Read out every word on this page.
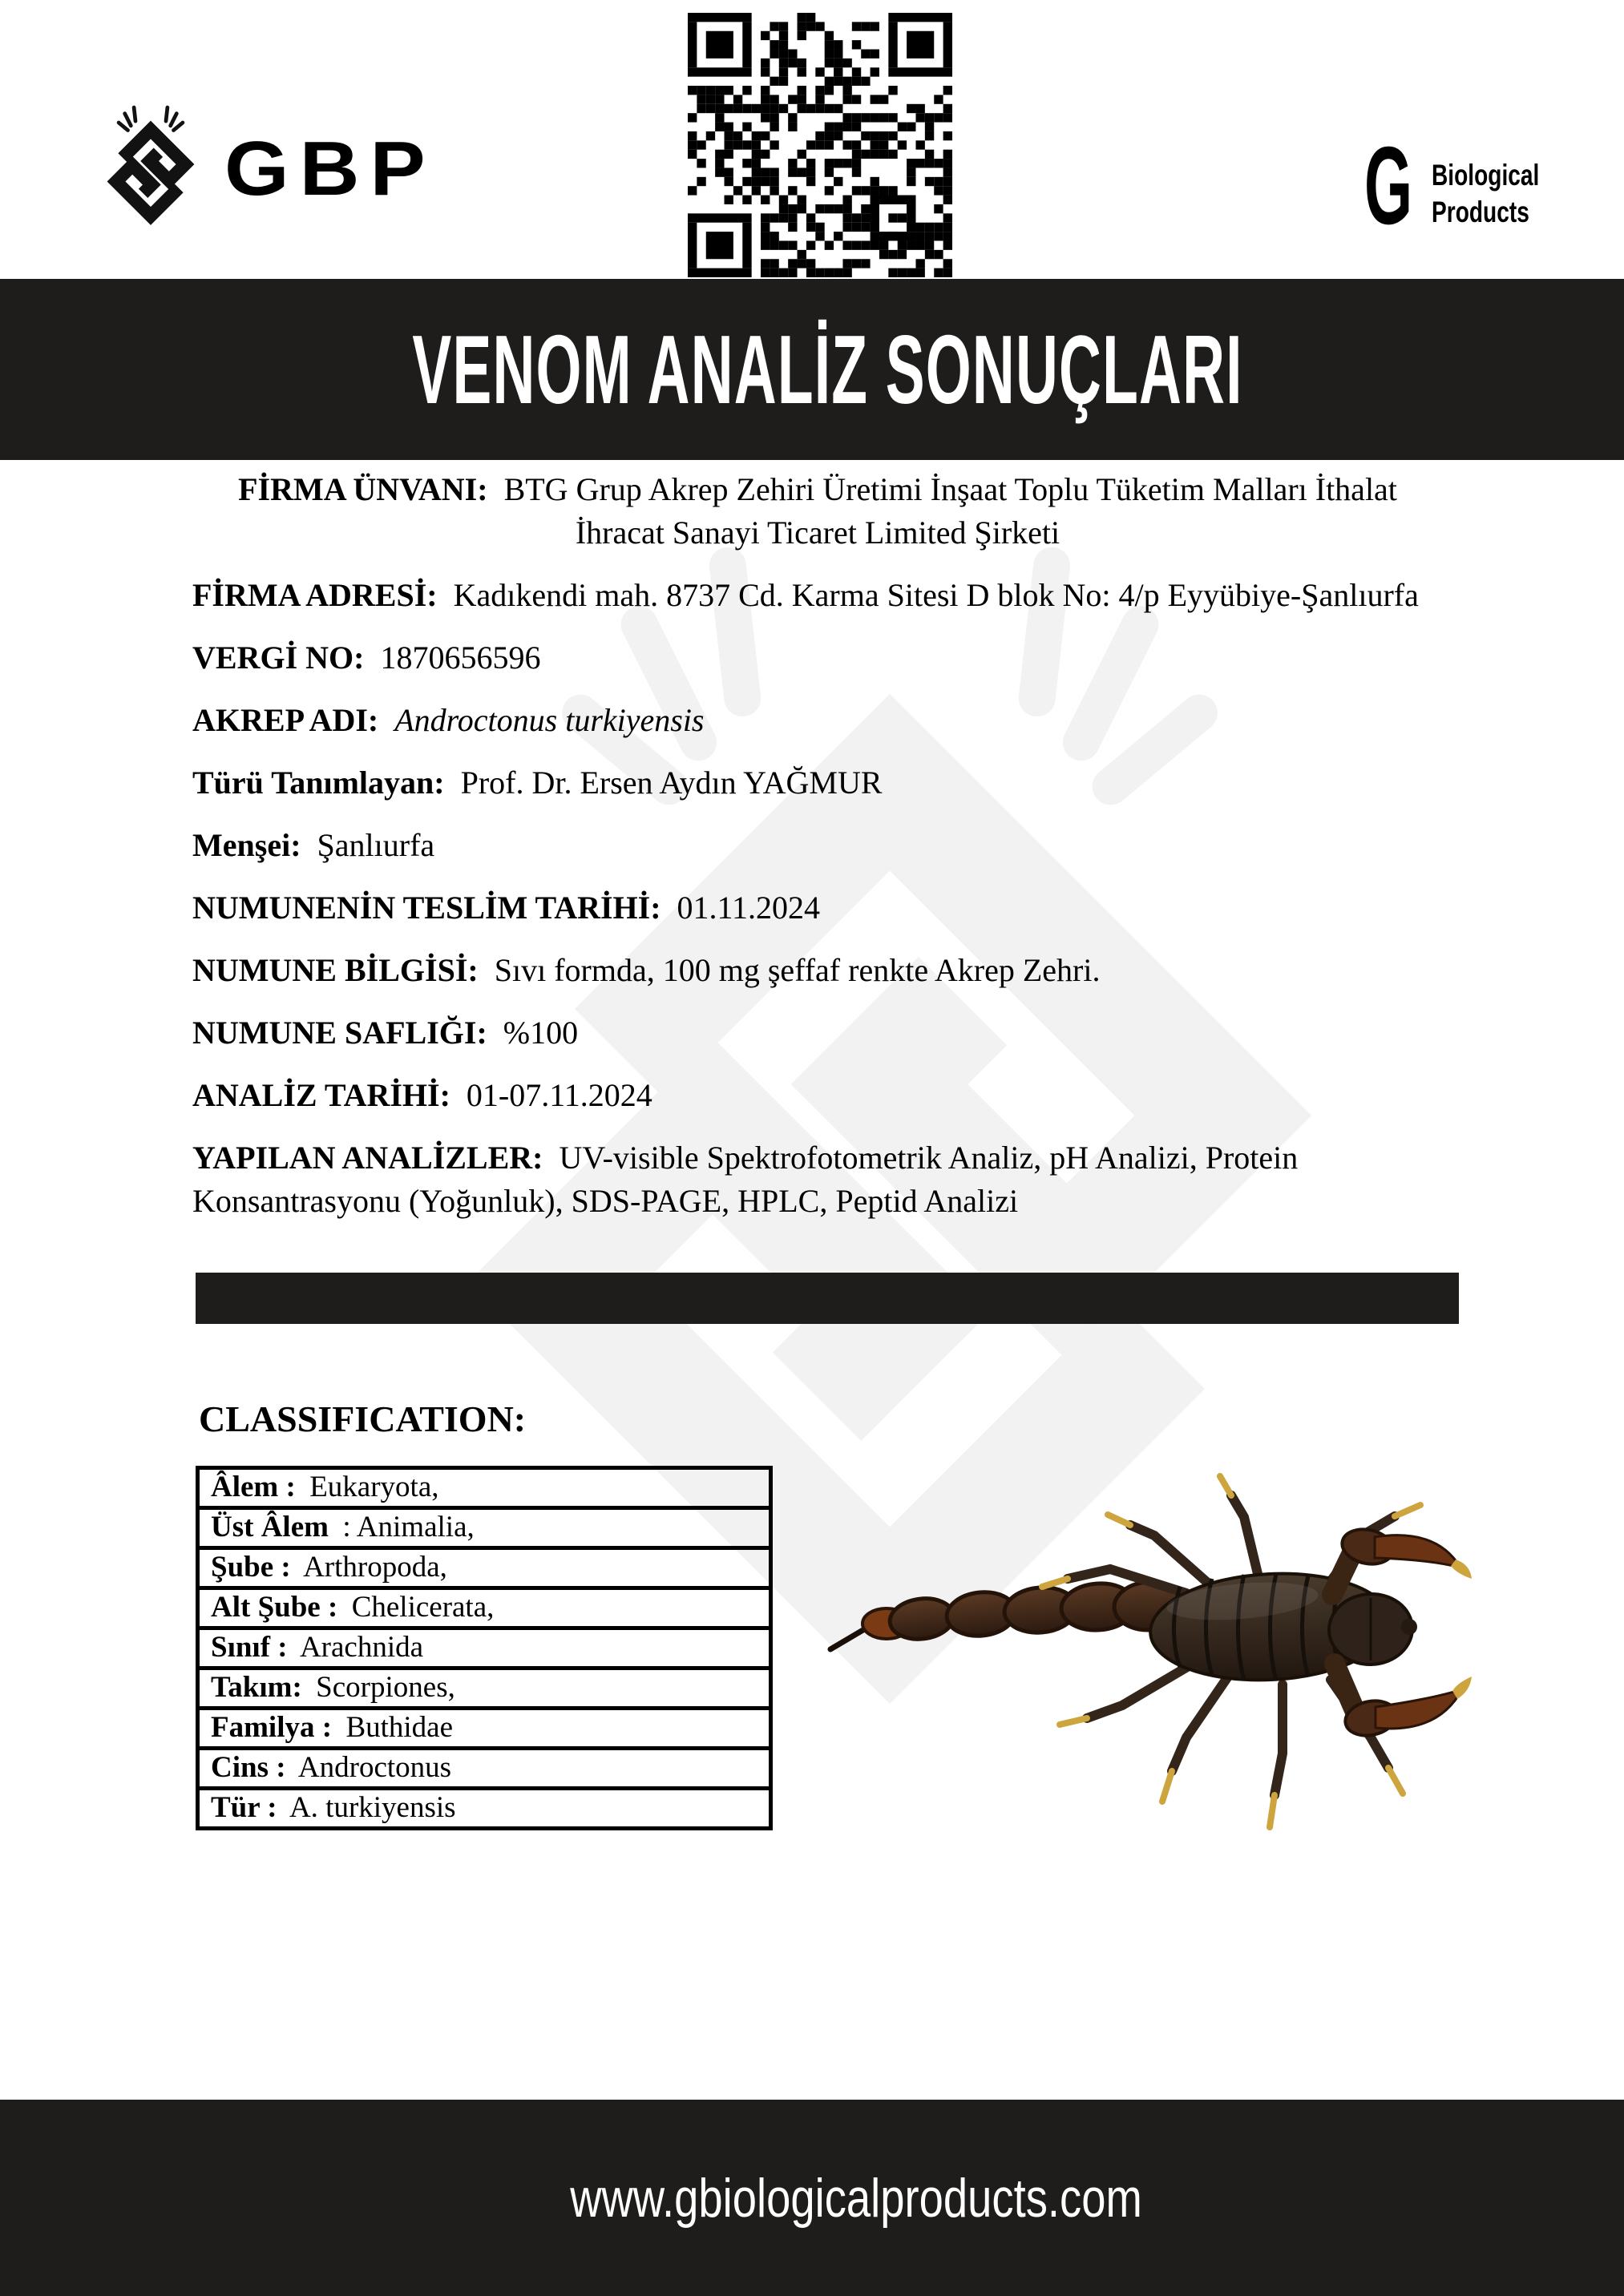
GBP	G Biological
Products
VENOM ANALİZ SONUÇLARI

FİRMA ÜNVANI: BTG Grup Akrep Zehiri Üretimi İnşaat Toplu Tüketim Malları İthalat İhracat Sanayi Ticaret Limited Şirketi

FİRMA ADRESİ: Kadıkendi mah. 8737 Cd. Karma Sitesi D blok No: 4/p Eyyübiye-Şanlıurfa

VERGİ NO: 1870656596

AKREP ADI: Androctonus turkiyensis

Türü Tanımlayan: Prof. Dr. Ersen Aydın YAĞMUR

Menşei: Şanlıurfa

NUMUNENİN TESLİM TARİHİ: 01.11.2024

NUMUNE BİLGİSİ: Sıvı formda, 100 mg şeffaf renkte Akrep Zehri.

NUMUNE SAFLIĞI: %100

ANALİZ TARİHİ: 01-07.11.2024

YAPILAN ANALİZLER: UV-visible Spektrofotometrik Analiz, pH Analizi, Protein Konsantrasyonu (Yoğunluk), SDS-PAGE, HPLC, Peptid Analizi

CLASSIFICATION:
Âlem : Eukaryota,
Üst Âlem : Animalia,
Şube : Arthropoda,
Alt Şube : Chelicerata,
Sınıf : Arachnida
Takım: Scorpiones,
Familya : Buthidae
Cins : Androctonus
Tür : A. turkiyensis
www.gbiologicalproducts.com
